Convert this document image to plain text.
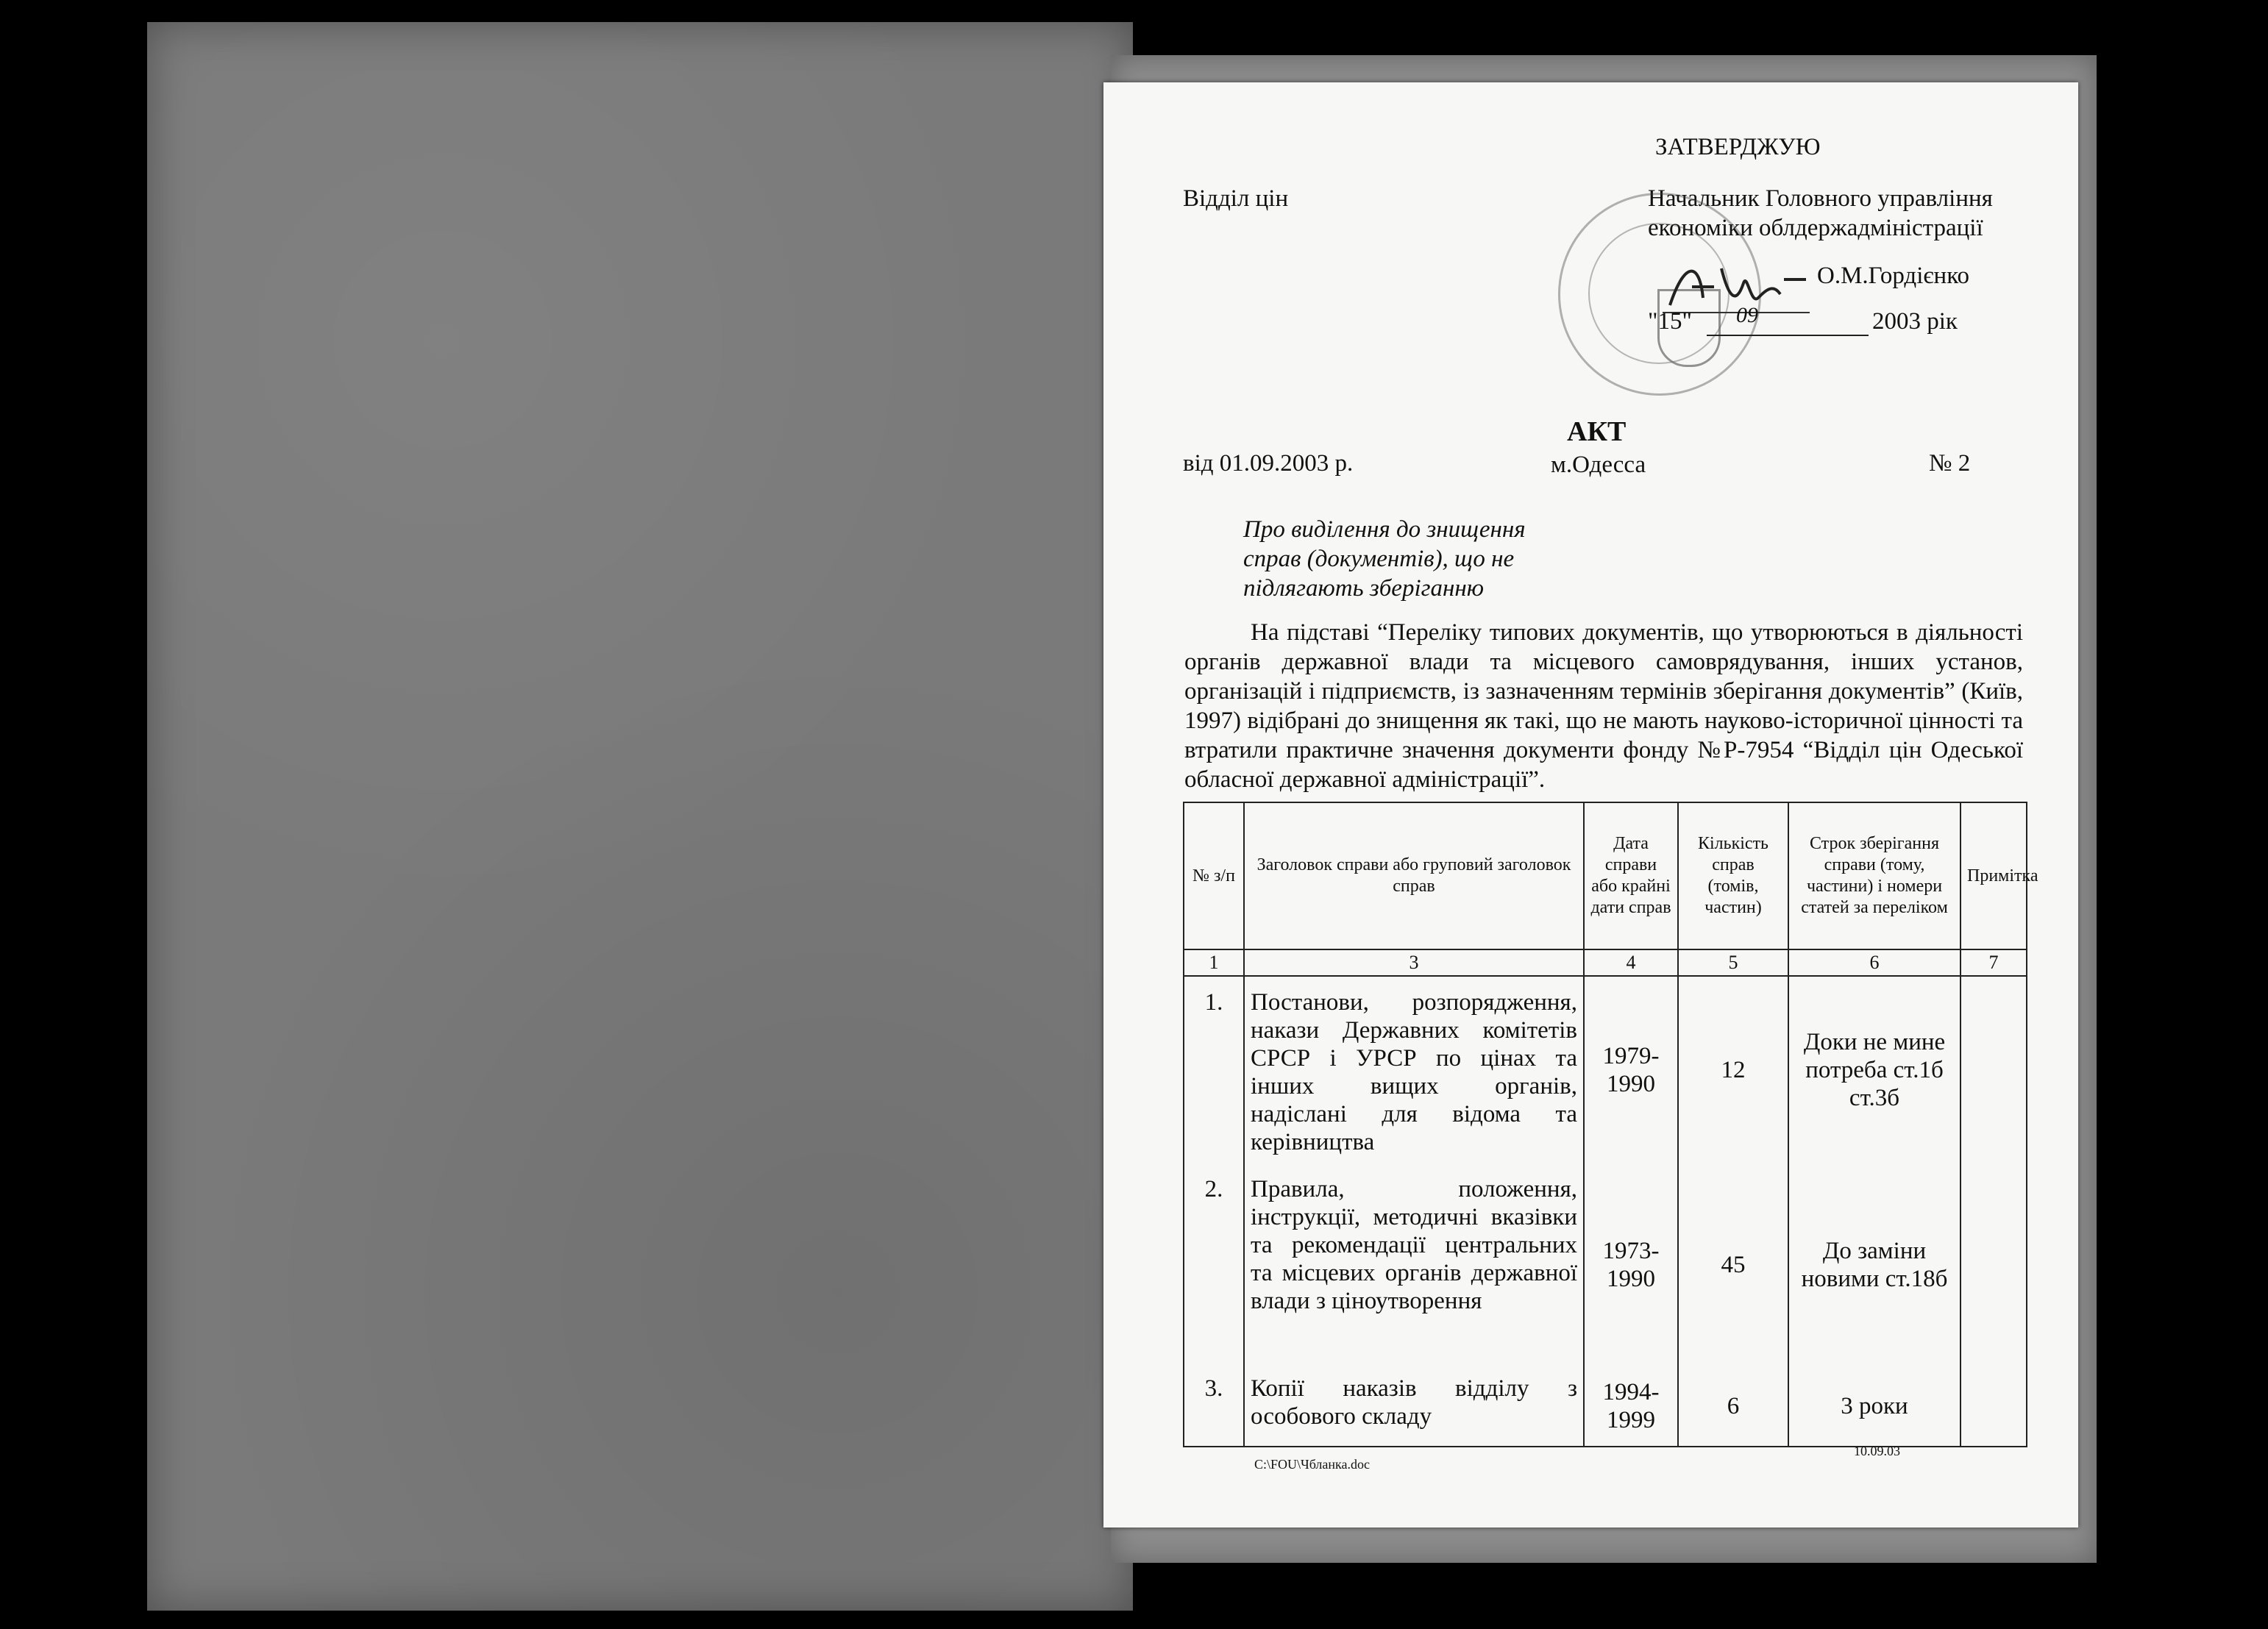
ЗАТВЕРДЖУЮ
Відділ цін	Начальник Головного управління
економіки облдержадміністрації
О.М.Гордієнко
"15" 09	2003 рік
АКТ
від 01.09.2003 р.	м.Одесса	№ 2
Про виділення до знищення
справ (документів), що не
підлягають зберіганню
На підставі “Переліку типових документів, що утворюються в діяльності органів державної влади та місцевого самоврядування, інших установ, організацій і підприємств, із зазначенням термінів зберігання документів” (Київ, 1997) відібрані до знищення як такі, що не мають науково-історичної цінності та втратили практичне значення документи фонду №Р-7954 “Відділ цін Одеської обласної державної адміністрації”.
№ з/п	Заголовок справи або груповий заголовок справ	Дата справи або крайні дати справ	Кількість справ (томів, частин)	Строк зберігання справи (тому, частини) і номери статей за переліком	Примітка
1	3	4	5	6	7
1.	Постанови, розпорядження, накази Державних комітетів СРСР і УРСР по цінах та інших вищих органів, надіслані для відома та керівництва	1979-1990	12	Доки не мине потреба ст.1б ст.3б	
2.	Правила, положення, інструкції, методичні вказівки та рекомендації центральних та місцевих органів державної влади з ціноутворення	1973-1990	45	До заміни новими ст.18б	
3.	Копії наказів відділу з особового складу	1994-1999	6	3 роки	
C:\FOU\Чбланка.doc
10.09.03
